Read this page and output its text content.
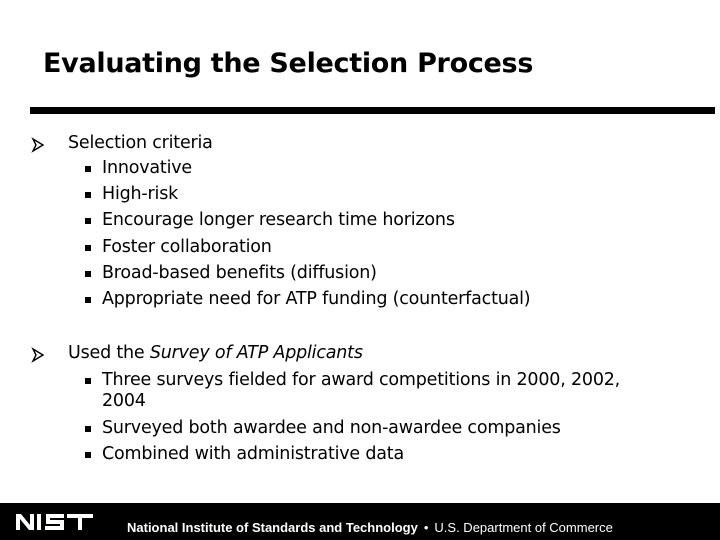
Evaluating the Selection Process
Selection criteria
Innovative
High-risk
Encourage longer research time horizons
Foster collaboration
Broad-based benefits (diffusion)
Appropriate need for ATP funding (counterfactual)
Used the Survey of ATP Applicants
Three surveys fielded for award competitions in 2000, 2002,
2004
Surveyed both awardee and non-awardee companies
Combined with administrative data
National Institute of Standards and Technology • U.S. Department of Commerce
